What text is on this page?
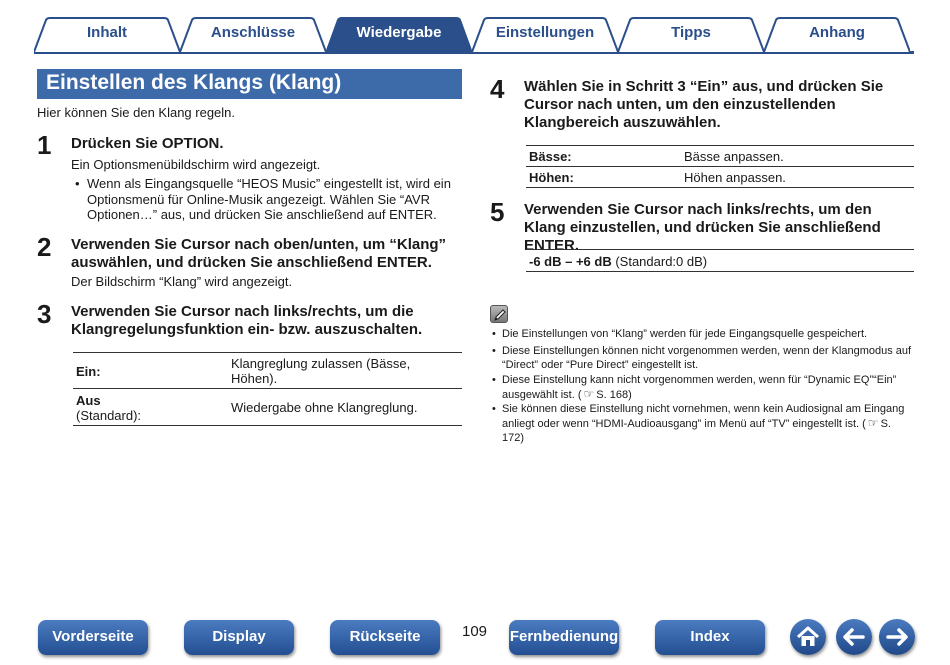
Inhalt	Anschlüsse	Wiedergabe	Einstellungen	Tipps	Anhang
Einstellen des Klangs (Klang)
Hier können Sie den Klang regeln.
1 Drücken Sie OPTION.
Ein Optionsmenübildschirm wird angezeigt.
• Wenn als Eingangsquelle “HEOS Music” eingestellt ist, wird ein Optionsmenü für Online-Musik angezeigt. Wählen Sie “AVR Optionen…” aus, und drücken Sie anschließend auf ENTER.
2 Verwenden Sie Cursor nach oben/unten, um “Klang” auswählen, und drücken Sie anschließend ENTER.
Der Bildschirm “Klang” wird angezeigt.
3 Verwenden Sie Cursor nach links/rechts, um die Klangregelungsfunktion ein- bzw. auszuschalten.
Ein:	Klangreglung zulassen (Bässe, Höhen).

Aus
(Standard):	Wiedergabe ohne Klangreglung.
4 Wählen Sie in Schritt 3 “Ein” aus, und drücken Sie Cursor nach unten, um den einzustellenden Klangbereich auszuwählen.
Bässe:	Bässe anpassen.
Höhen:	Höhen anpassen.
5 Verwenden Sie Cursor nach links/rechts, um den Klang einzustellen, und drücken Sie anschließend ENTER.
-6 dB – +6 dB (Standard:0 dB)
• Die Einstellungen von “Klang” werden für jede Eingangsquelle gespeichert.
• Diese Einstellungen können nicht vorgenommen werden, wenn der Klangmodus auf “Direct” oder “Pure Direct” eingestellt ist.
• Diese Einstellung kann nicht vorgenommen werden, wenn für “Dynamic EQ”“Ein” ausgewählt ist. ( ☞ S. 168)
• Sie können diese Einstellung nicht vornehmen, wenn kein Audiosignal am Eingang anliegt oder wenn “HDMI-Audioausgang” im Menü auf “TV” eingestellt ist. ( ☞ S. 172)
Vorderseite	Display	Rückseite	109 Fernbedienung	Index
